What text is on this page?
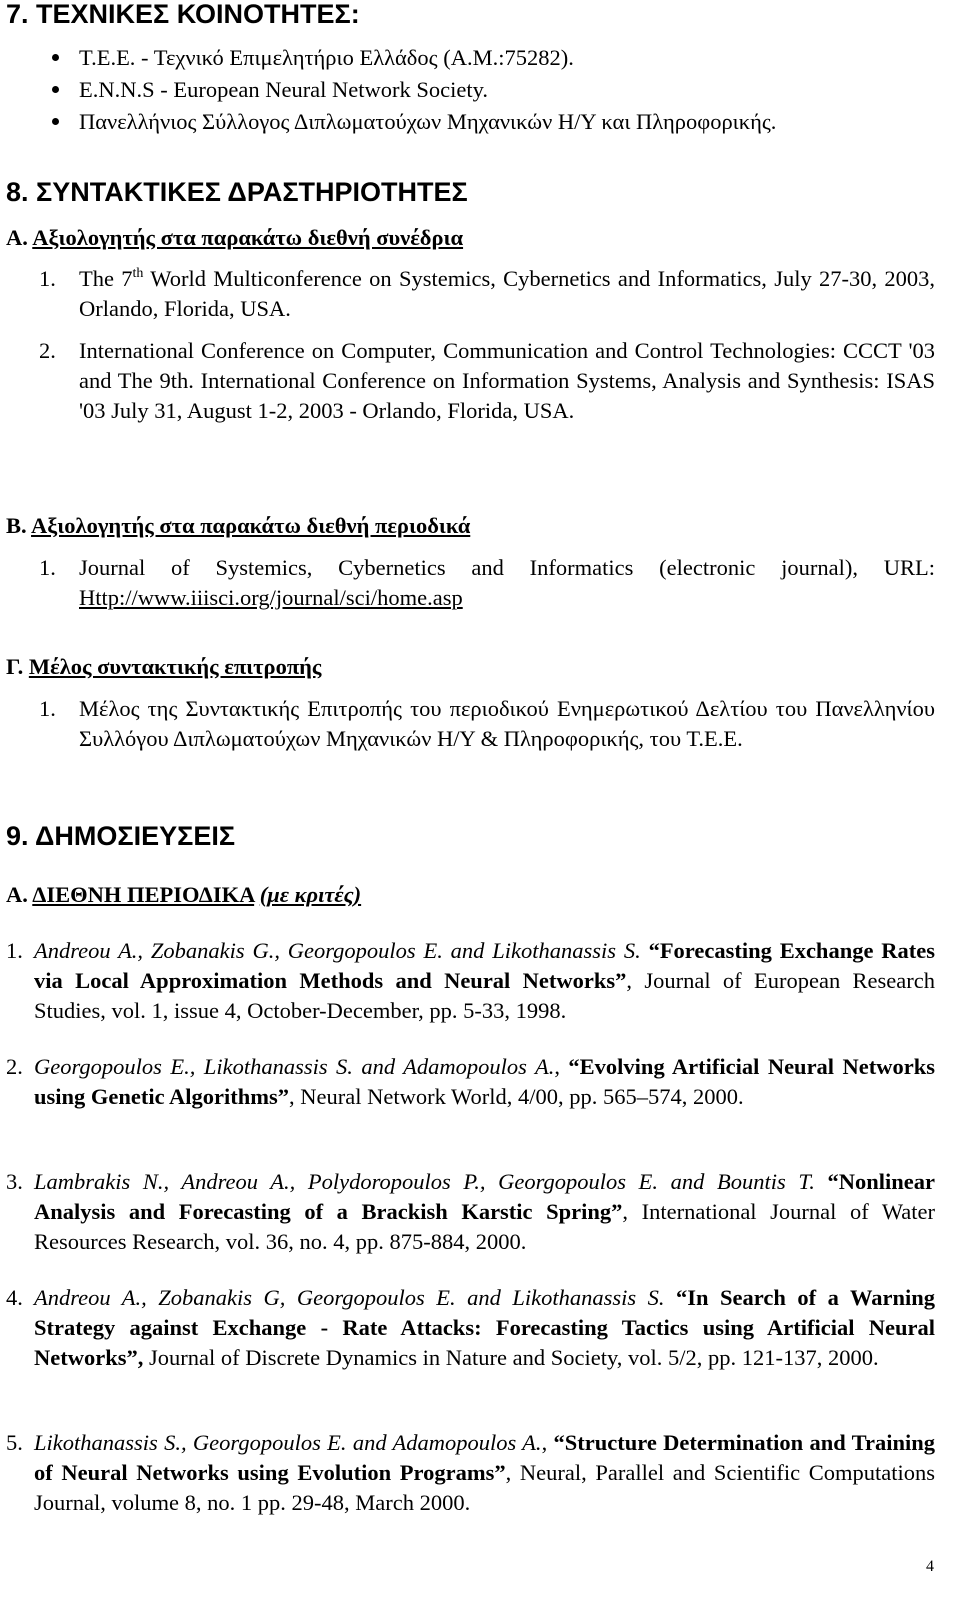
7. ΤΕΧΝΙΚΕΣ ΚΟΙΝΟΤΗΤΕΣ:
Τ.Ε.Ε. - Τεχνικό Επιμελητήριο Ελλάδος (Α.Μ.:75282).
E.N.N.S - European Neural Network Society.
Πανελλήνιος Σύλλογος Διπλωματούχων Μηχανικών Η/Υ και Πληροφορικής.
8. ΣΥΝΤΑΚΤΙΚΕΣ ΔΡΑΣΤΗΡΙΟΤΗΤΕΣ
Α. Αξιολογητής στα παρακάτω διεθνή συνέδρια
1.	The 7th World Multiconference on Systemics, Cybernetics and Informatics, July 27-30, 2003, Orlando, Florida, USA.
2.	International Conference on Computer, Communication and Control Technologies: CCCT '03 and The 9th. International Conference on Information Systems, Analysis and Synthesis: ISAS '03 July 31, August 1-2, 2003 - Orlando, Florida, USA.
Β. Αξιολογητής στα παρακάτω διεθνή περιοδικά
1.	Journal of Systemics, Cybernetics and Informatics (electronic journal), URL: Http://www.iiisci.org/journal/sci/home.asp
Γ. Μέλος συντακτικής επιτροπής
1.	Μέλος της Συντακτικής Επιτροπής του περιοδικού Ενημερωτικού Δελτίου του Πανελληνίου Συλλόγου Διπλωματούχων Μηχανικών Η/Υ & Πληροφορικής, του Τ.Ε.Ε.
9. ΔΗΜΟΣΙΕΥΣΕΙΣ
Α. ΔΙΕΘΝΗ ΠΕΡΙΟΔΙΚΑ (με κριτές)
1. Andreou A., Zobanakis G., Georgopoulos E. and Likothanassis S. “Forecasting Exchange Rates via Local Approximation Methods and Neural Networks”, Journal of European Research Studies, vol. 1, issue 4, October-December, pp. 5-33, 1998.
2. Georgopoulos E., Likothanassis S. and Adamopoulos A., “Evolving Artificial Neural Networks using Genetic Algorithms”, Neural Network World, 4/00, pp. 565–574, 2000.
3. Lambrakis N., Andreou A., Polydoropoulos P., Georgopoulos E. and Bountis T. “Nonlinear Analysis and Forecasting of a Brackish Karstic Spring”, International Journal of Water Resources Research, vol. 36, no. 4, pp. 875-884, 2000.
4. Andreou A., Zobanakis G, Georgopoulos E. and Likothanassis S. “In Search of a Warning Strategy against Exchange - Rate Attacks: Forecasting Tactics using Artificial Neural Networks”, Journal of Discrete Dynamics in Nature and Society, vol. 5/2, pp. 121-137, 2000.
5. Likothanassis S., Georgopoulos E. and Adamopoulos A., “Structure Determination and Training of Neural Networks using Evolution Programs”, Neural, Parallel and Scientific Computations Journal, volume 8, no. 1 pp. 29-48, March 2000.
4
